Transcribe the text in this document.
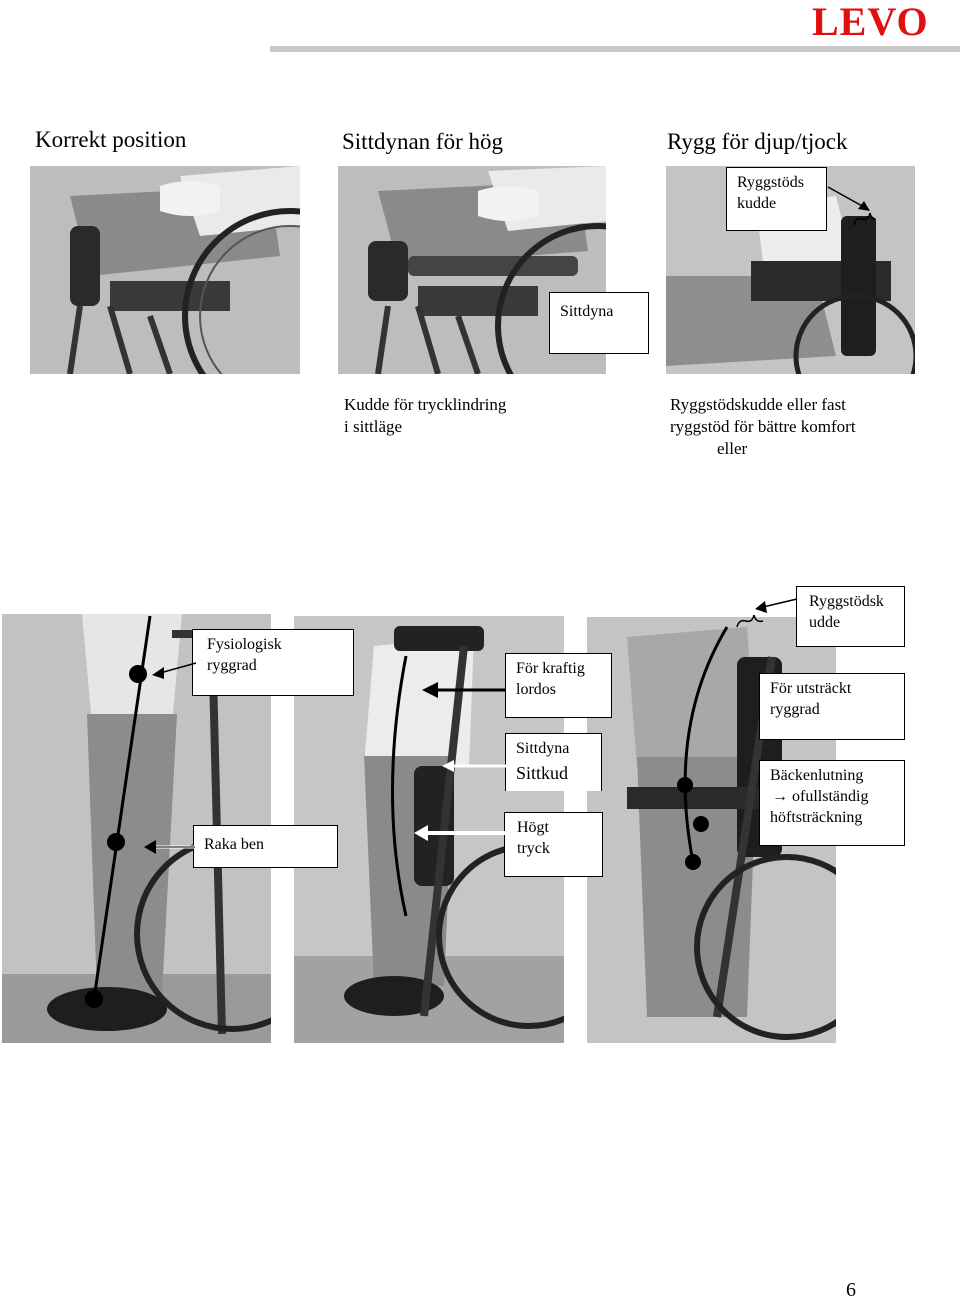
LEVO
Korrekt position	Sittdynan för hög	Rygg för djup/tjock
Ryggstöds
kudde
Sittdyna
Kudde för trycklindring
i sittläge
Ryggstödskudde eller fast
ryggstöd för bättre komfort
eller
Fysiologisk
ryggrad
Raka ben
För kraftig
lordos
Sittdyna
Sittkud
Högt
tryck
Ryggstödsk
udde
För utsträckt
ryggrad
Bäckenlutning
→ ofullständig
höftsträckning
6
